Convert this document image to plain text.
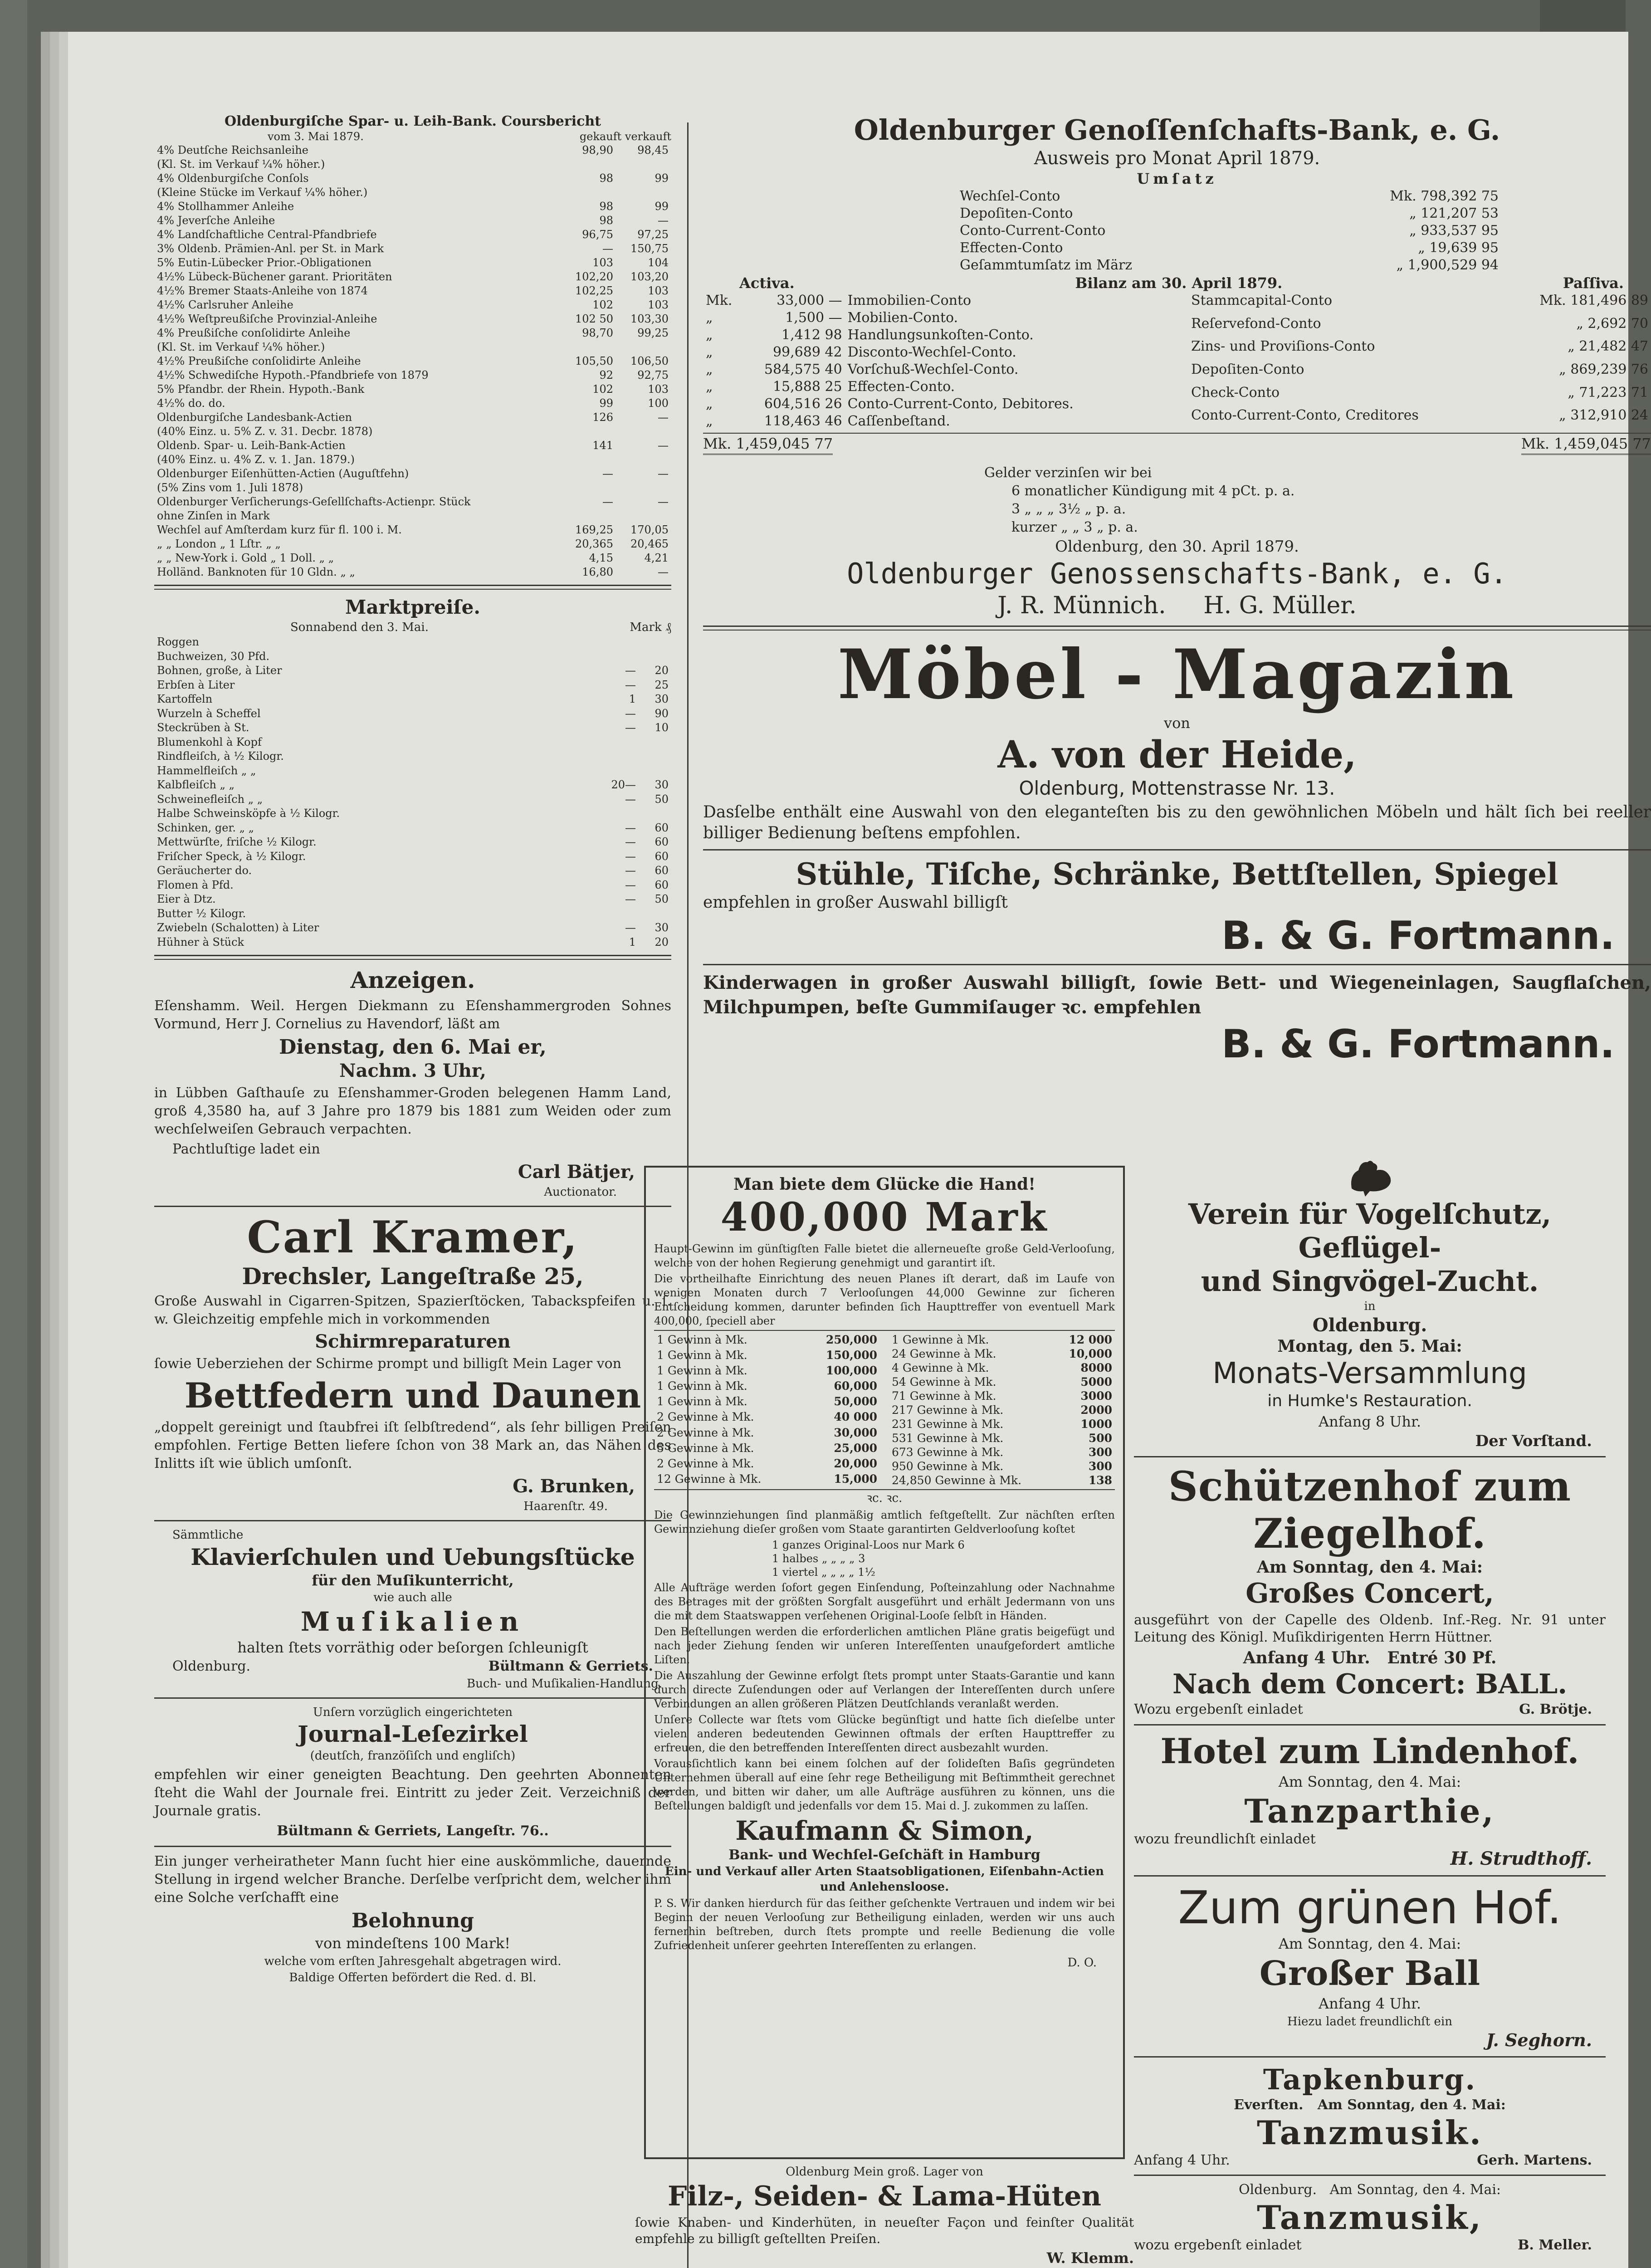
Oldenburgiſche Spar- u. Leih-Bank. Coursbericht
vom 3. Mai 1879.	gekauft verkauft
4% Deutſche Reichsanleihe	98,90	98,45
(Kl. St. im Verkauf ¼% höher.)		
4% Oldenburgiſche Conſols	98	99
(Kleine Stücke im Verkauf ¼% höher.)		
4% Stollhammer Anleihe	98	99
4% Jeverſche Anleihe	98	—
4% Landſchaftliche Central-Pfandbriefe	96,75	97,25
3% Oldenb. Prämien-Anl. per St. in Mark	—	150,75
5% Eutin-Lübecker Prior.-Obligationen	103	104
4½% Lübeck-Büchener garant. Prioritäten	102,20	103,20
4½% Bremer Staats-Anleihe von 1874	102,25	103
4½% Carlsruher Anleihe	102	103
4½% Weſtpreußiſche Provinzial-Anleihe	102 50	103,30
4% Preußiſche conſolidirte Anleihe	98,70	99,25
(Kl. St. im Verkauf ¼% höher.)		
4½% Preußiſche conſolidirte Anleihe	105,50	106,50
4½% Schwediſche Hypoth.-Pfandbriefe von 1879	92	92,75
5% Pfandbr. der Rhein. Hypoth.-Bank	102	103
4½% do. do.	99	100
Oldenburgiſche Landesbank-Actien	126	—
(40% Einz. u. 5% Z. v. 31. Decbr. 1878)		
Oldenb. Spar- u. Leih-Bank-Actien	141	—
(40% Einz. u. 4% Z. v. 1. Jan. 1879.)		
Oldenburger Eiſenhütten-Actien (Auguſtfehn)	—	—
(5% Zins vom 1. Juli 1878)		
Oldenburger Verſicherungs-Geſellſchafts-Actienpr. Stück	—	—
ohne Zinſen in Mark		
Wechſel auf Amſterdam kurz für fl. 100 i. M.	169,25	170,05
„ „ London „ 1 Lſtr. „ „	20,365	20,465
„ „ New-York i. Gold „ 1 Doll. „ „	4,15	4,21
Holländ. Banknoten für 10 Gldn. „ „	16,80	—
Marktpreiſe.
Sonnabend den 3. Mai.	Mark ₰
Roggen		
Buchweizen, 30 Pfd.		
Bohnen, große, à Liter	—	20
Erbſen à Liter	—	25
Kartoffeln	1	30
Wurzeln à Scheffel	—	90
Steckrüben à St.	—	10
Blumenkohl à Kopf		
Rindfleiſch, à ½ Kilogr.		
Hammelfleiſch „ „		
Kalbfleiſch „ „	20—	30
Schweinefleiſch „ „	—	50
Halbe Schweinsköpfe à ½ Kilogr.		
Schinken, ger. „ „	—	60
Mettwürſte, friſche ½ Kilogr.	—	60
Friſcher Speck, à ½ Kilogr.	—	60
Geräucherter do.	—	60
Flomen à Pfd.	—	60
Eier à Dtz.	—	50
Butter ½ Kilogr.		
Zwiebeln (Schalotten) à Liter	—	30
Hühner à Stück	1	20
Anzeigen.
Eſenshamm. Weil. Hergen Diekmann zu Eſenshammergroden Sohnes Vormund, Herr J. Cornelius zu Havendorf, läßt am
Dienstag, den 6. Mai er,
Nachm. 3 Uhr,
in Lübben Gaſthauſe zu Eſenshammer-Groden belegenen Hamm Land, groß 4,3580 ha, auf 3 Jahre pro 1879 bis 1881 zum Weiden oder zum wechſelweiſen Gebrauch verpachten.
Pachtluſtige ladet ein
Carl Bätjer,
Auctionator.
Carl Kramer,
Drechsler, Langeſtraße 25,
Große Auswahl in Cigarren-Spitzen, Spazierſtöcken, Tabackspfeifen u. ſ. w. Gleichzeitig empfehle mich in vorkommenden
Schirmreparaturen
ſowie Ueberziehen der Schirme prompt und billigſt Mein Lager von
Bettfedern und Daunen
„doppelt gereinigt und ſtaubfrei iſt ſelbſtredend“, als ſehr billigen Preiſen empfohlen. Fertige Betten liefere ſchon von 38 Mark an, das Nähen des Inlitts iſt wie üblich umſonſt.
G. Brunken,
Haarenſtr. 49.
Sämmtliche
Klavierſchulen und Uebungsſtücke
für den Muſikunterricht,
wie auch alle
Muſikalien
halten ſtets vorräthig oder beſorgen ſchleunigſt
Oldenburg.	Bültmann & Gerriets.
Buch- und Muſikalien-Handlung.
Unſern vorzüglich eingerichteten
Journal-Leſezirkel
(deutſch, franzöſiſch und engliſch)
empfehlen wir einer geneigten Beachtung. Den geehrten Abonnenten ſteht die Wahl der Journale frei. Eintritt zu jeder Zeit. Verzeichniß der Journale gratis.
Bültmann & Gerriets, Langeſtr. 76..
Ein junger verheiratheter Mann ſucht hier eine auskömmliche, dauernde Stellung in irgend welcher Branche. Derſelbe verſpricht dem, welcher ihm eine Solche verſchafft eine
Belohnung
von mindeſtens 100 Mark!
welche vom erſten Jahresgehalt abgetragen wird.
Baldige Offerten befördert die Red. d. Bl.
Oldenburger Genoſſenſchafts-Bank, e. G.
Ausweis pro Monat April 1879.
Umſatz
Wechſel-Conto	Mk. 798,392 75
Depoſiten-Conto	„ 121,207 53
Conto-Current-Conto	„ 933,537 95
Effecten-Conto	„ 19,639 95
Geſammtumſatz im März	„ 1,900,529 94
Activa.	Bilanz am 30. April 1879.	Paſſiva.
Mk.	33,000 —	Immobilien-Conto
„	1,500 —	Mobilien-Conto.
„	1,412 98	Handlungsunkoſten-Conto.
„	99,689 42	Disconto-Wechſel-Conto.
„	584,575 40	Vorſchuß-Wechſel-Conto.
„	15,888 25	Effecten-Conto.
„	604,516 26	Conto-Current-Conto, Debitores.
„	118,463 46	Caſſenbeſtand.
Stammcapital-Conto	Mk. 181,496 89
Reſervefond-Conto	„ 2,692 70
Zins- und Proviſions-Conto	„ 21,482 47
Depoſiten-Conto	„ 869,239 76
Check-Conto	„ 71,223 71
Conto-Current-Conto, Creditores	„ 312,910 24
Mk. 1,459,045 77	Mk. 1,459,045 77
Gelder verzinſen wir bei
6 monatlicher Kündigung mit 4 pCt. p. a.
3 „ „ „ 3½ „ p. a.
kurzer „ „ 3 „ p. a.
Oldenburg, den 30. April 1879.
Oldenburger Genossenschafts-Bank, e. G.
J. R. Münnich.     H. G. Müller.
Möbel - Magazin
von
A. von der Heide,
Oldenburg, Mottenstrasse Nr. 13.
Dasſelbe enthält eine Auswahl von den eleganteſten bis zu den gewöhnlichen Möbeln und hält ſich bei reeller billiger Bedienung beſtens empfohlen.
Stühle, Tiſche, Schränke, Bettſtellen, Spiegel
empfehlen in großer Auswahl billigſt
B. & G. Fortmann.
Kinderwagen in großer Auswahl billigſt, ſowie Bett- und Wiegeneinlagen, Saugflaſchen, Milchpumpen, beſte Gummiſauger ꝛc. empfehlen
B. & G. Fortmann.
Man biete dem Glücke die Hand!
400,000 Mark
Haupt-Gewinn im günſtigſten Falle bietet die allerneueſte große Geld-Verlooſung, welche von der hohen Regierung genehmigt und garantirt iſt.
Die vortheilhafte Einrichtung des neuen Planes iſt derart, daß im Laufe von wenigen Monaten durch 7 Verlooſungen 44,000 Gewinne zur ſicheren Entſcheidung kommen, darunter befinden ſich Haupttreffer von eventuell Mark 400,000, ſpeciell aber
1 Gewinn à Mk.	250,000
1 Gewinn à Mk.	150,000
1 Gewinn à Mk.	100,000
1 Gewinn à Mk.	60,000
1 Gewinn à Mk.	50,000
2 Gewinne à Mk.	40 000
2 Gewinne à Mk.	30,000
5 Gewinne à Mk.	25,000
2 Gewinne à Mk.	20,000
12 Gewinne à Mk.	15,000
1 Gewinne à Mk.	12 000
24 Gewinne à Mk.	10,000
4 Gewinne à Mk.	8000
54 Gewinne à Mk.	5000
71 Gewinne à Mk.	3000
217 Gewinne à Mk.	2000
231 Gewinne à Mk.	1000
531 Gewinne à Mk.	500
673 Gewinne à Mk.	300
950 Gewinne à Mk.	300
24,850 Gewinne à Mk.	138
ꝛc. ꝛc.
Die Gewinnziehungen ſind planmäßig amtlich feſtgeſtellt. Zur nächſten erſten Gewinnziehung dieſer großen vom Staate garantirten Geldverlooſung koſtet
1 ganzes Original-Loos nur Mark 6
1 halbes „ „ „ „ 3
1 viertel „ „ „ „ 1½
Alle Aufträge werden ſofort gegen Einſendung, Poſteinzahlung oder Nachnahme des Betrages mit der größten Sorgfalt ausgeführt und erhält Jedermann von uns die mit dem Staatswappen verſehenen Original-Looſe ſelbſt in Händen.
Den Beſtellungen werden die erforderlichen amtlichen Pläne gratis beigefügt und nach jeder Ziehung ſenden wir unſeren Intereſſenten unaufgefordert amtliche Liſten.
Die Auszahlung der Gewinne erfolgt ſtets prompt unter Staats-Garantie und kann durch directe Zuſendungen oder auf Verlangen der Intereſſenten durch unſere Verbindungen an allen größeren Plätzen Deutſchlands veranlaßt werden.
Unſere Collecte war ſtets vom Glücke begünſtigt und hatte ſich dieſelbe unter vielen anderen bedeutenden Gewinnen oftmals der erſten Haupttreffer zu erfreuen, die den betreffenden Intereſſenten direct ausbezahlt wurden.
Vorausſichtlich kann bei einem ſolchen auf der ſolideſten Baſis gegründeten Unternehmen überall auf eine ſehr rege Betheiligung mit Beſtimmtheit gerechnet werden, und bitten wir daher, um alle Aufträge ausführen zu können, uns die Beſtellungen baldigſt und jedenfalls vor dem 15. Mai d. J. zukommen zu laſſen.
Kaufmann & Simon,
Bank- und Wechſel-Geſchäft in Hamburg
Ein- und Verkauf aller Arten Staatsobligationen, Eiſenbahn-Actien und Anlehensloose.
P. S. Wir danken hierdurch für das ſeither geſchenkte Vertrauen und indem wir bei Beginn der neuen Verlooſung zur Betheiligung einladen, werden wir uns auch fernerhin beſtreben, durch ſtets prompte und reelle Bedienung die volle Zufriedenheit unſerer geehrten Intereſſenten zu erlangen.
D. O.
Oldenburg Mein groß. Lager von
Filz-, Seiden- & Lama-Hüten
ſowie Knaben- und Kinderhüten, in neueſter Façon und feinſter Qualität empfehle zu billigſt geſtellten Preiſen.
W. Klemm.
Verein für Vogelſchutz, Geflügel-
und Singvögel-Zucht.
in
Oldenburg.
Montag, den 5. Mai:
Monats-Versammlung
in Humke's Restauration.
Anfang 8 Uhr.
Der Vorſtand.
Schützenhof zum Ziegelhof.
Am Sonntag, den 4. Mai:
Großes Concert,
ausgeführt von der Capelle des Oldenb. Inf.-Reg. Nr. 91 unter Leitung des Königl. Muſikdirigenten Herrn Hüttner.
Anfang 4 Uhr.   Entré 30 Pf.
Nach dem Concert: BALL.
Wozu ergebenſt einladet	G. Brötje.
Hotel zum Lindenhof.
Am Sonntag, den 4. Mai:
Tanzparthie,
wozu freundlichſt einladet
H. Strudthoff.
Zum grünen Hof.
Am Sonntag, den 4. Mai:
Großer Ball
Anfang 4 Uhr.
Hiezu ladet freundlichſt ein
J. Seghorn.
Tapkenburg.
Everſten.   Am Sonntag, den 4. Mai:
Tanzmusik.
Anfang 4 Uhr.	Gerh. Martens.
Oldenburg.   Am Sonntag, den 4. Mai:
Tanzmusik,
wozu ergebenſt einladet	B. Meller.
